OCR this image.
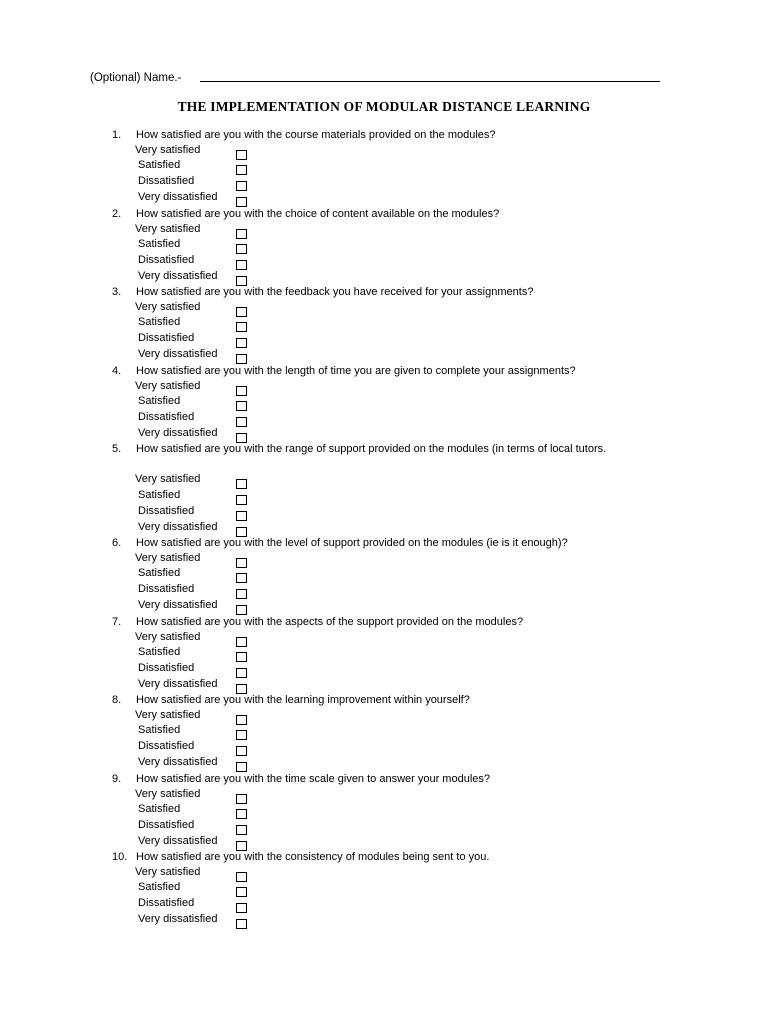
(Optional) Name.-
THE IMPLEMENTATION OF MODULAR DISTANCE LEARNING
1.	How satisfied are you with the course materials provided on the modules?
Very satisfied
Satisfied
Dissatisfied
Very dissatisfied
2.	How satisfied are you with the choice of content available on the modules?
Very satisfied
Satisfied
Dissatisfied
Very dissatisfied
3.	How satisfied are you with the feedback you have received for your assignments?
Very satisfied
Satisfied
Dissatisfied
Very dissatisfied
4.	How satisfied are you with the length of time you are given to complete your assignments?
Very satisfied
Satisfied
Dissatisfied
Very dissatisfied
5.	How satisfied are you with the range of support provided on the modules (in terms of local tutors.
Very satisfied
Satisfied
Dissatisfied
Very dissatisfied
6.	How satisfied are you with the level of support provided on the modules (ie is it enough)?
Very satisfied
Satisfied
Dissatisfied
Very dissatisfied
7.	How satisfied are you with the aspects of the support provided on the modules?
Very satisfied
Satisfied
Dissatisfied
Very dissatisfied
8.	How satisfied are you with the learning improvement within yourself?
Very satisfied
Satisfied
Dissatisfied
Very dissatisfied
9.	How satisfied are you with the time scale given to answer your modules?
Very satisfied
Satisfied
Dissatisfied
Very dissatisfied
10. How satisfied are you with the consistency of modules being sent to you.
Very satisfied
Satisfied
Dissatisfied
Very dissatisfied
